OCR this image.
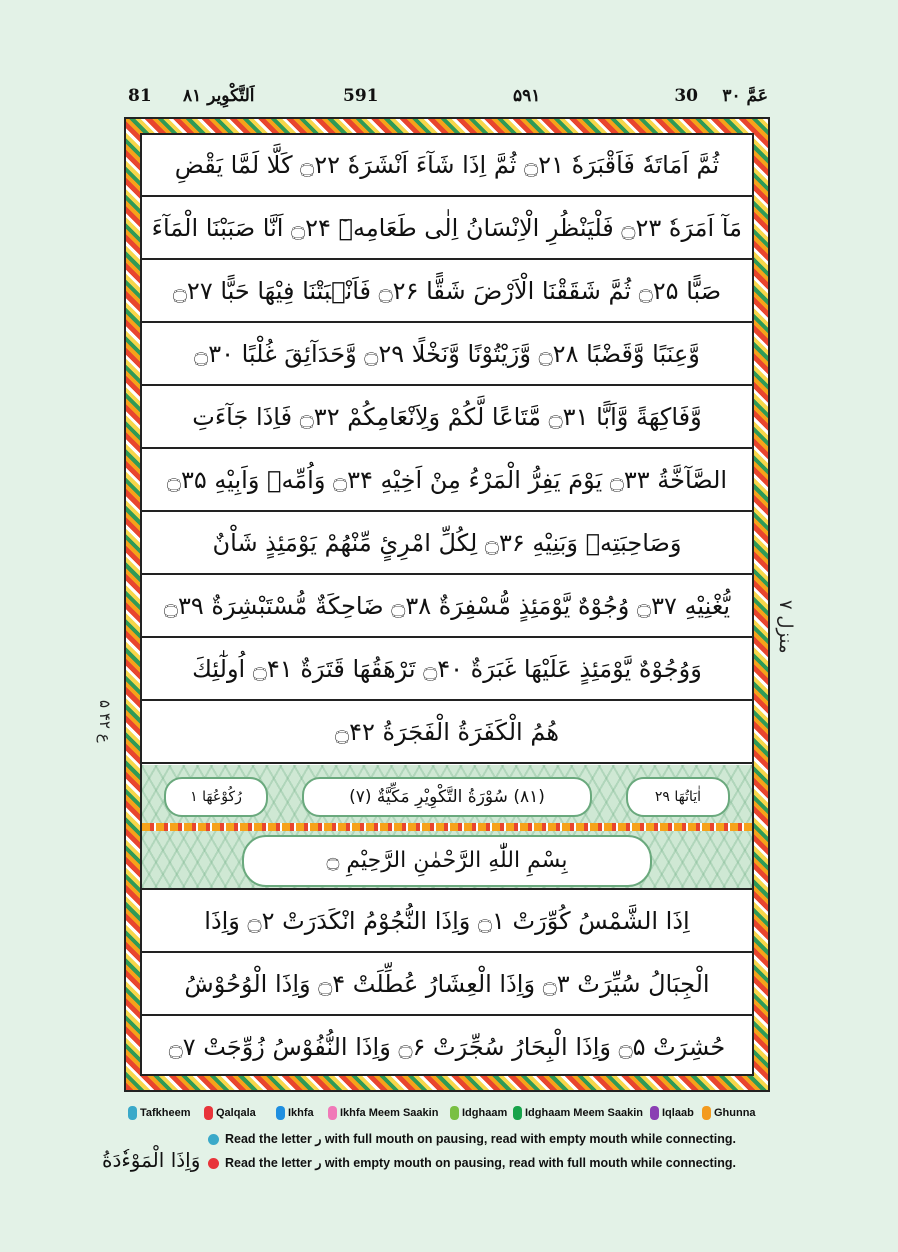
۳۰ عَمَّ
30
۵۹۱
591
۸۱ اَلتَّكْوِير
81
ثُمَّ اَمَاتَهٗ فَاَقْبَرَهٗ ۝۲۱ ثُمَّ اِذَا شَآءَ اَنْشَرَهٗ ۝۲۲ كَلَّا لَمَّا يَقْضِ
مَآ اَمَرَهٗ ۝۲۳ فَلْيَنْظُرِ الْاِنْسَانُ اِلٰى طَعَامِهٖٓ ۝۲۴ اَنَّا صَبَبْنَا الْمَآءَ
صَبًّا ۝۲۵ ثُمَّ شَقَقْنَا الْاَرْضَ شَقًّا ۝۲۶ فَاَنْۢبَتْنَا فِيْهَا حَبًّا ۝۲۷
وَّعِنَبًا وَّقَضْبًا ۝۲۸ وَّزَيْتُوْنًا وَّنَخْلًا ۝۲۹ وَّحَدَآئِقَ غُلْبًا ۝۳۰
وَّفَاكِهَةً وَّاَبًّا ۝۳۱ مَّتَاعًا لَّكُمْ وَلِاَنْعَامِكُمْ ۝۳۲ فَاِذَا جَآءَتِ
الصَّآخَّةُ ۝۳۳ يَوْمَ يَفِرُّ الْمَرْءُ مِنْ اَخِيْهِ ۝۳۴ وَاُمِّهٖ وَاَبِيْهِ ۝۳۵
وَصَاحِبَتِهٖ وَبَنِيْهِ ۝۳۶ لِكُلِّ امْرِئٍ مِّنْهُمْ يَوْمَئِذٍ شَاْنٌ
يُّغْنِيْهِ ۝۳۷ وُجُوْهٌ يَّوْمَئِذٍ مُّسْفِرَةٌ ۝۳۸ ضَاحِكَةٌ مُّسْتَبْشِرَةٌ ۝۳۹
وَوُجُوْهٌ يَّوْمَئِذٍ عَلَيْهَا غَبَرَةٌ ۝۴۰ تَرْهَقُهَا قَتَرَةٌ ۝۴۱ اُولٰٓئِكَ
هُمُ الْكَفَرَةُ الْفَجَرَةُ ۝۴۲
اٰيَاتُهَا ۲۹
(۸۱) سُوْرَةُ التَّكْوِيْرِ مَكِّيَّةٌ (۷)
رُكُوْعُهَا ۱
بِسْمِ اللّٰهِ الرَّحْمٰنِ الرَّحِيْمِ ۝
اِذَا الشَّمْسُ كُوِّرَتْ ۝۱ وَاِذَا النُّجُوْمُ انْكَدَرَتْ ۝۲ وَاِذَا
الْجِبَالُ سُيِّرَتْ ۝۳ وَاِذَا الْعِشَارُ عُطِّلَتْ ۝۴ وَاِذَا الْوُحُوْشُ
حُشِرَتْ ۝۵ وَاِذَا الْبِحَارُ سُجِّرَتْ ۝۶ وَاِذَا النُّفُوْسُ زُوِّجَتْ ۝۷
منزل ۷
ع ۴۲ ۵
Tafkheem	Qalqala	Ikhfa	Ikhfa Meem Saakin	Idghaam	Idghaam Meem Saakin	Iqlaab	Ghunna
Read the letter ر with full mouth on pausing, read with empty mouth while connecting.
Read the letter ر with empty mouth on pausing, read with full mouth while connecting.
وَاِذَا الْمَوْءٗدَةُ
